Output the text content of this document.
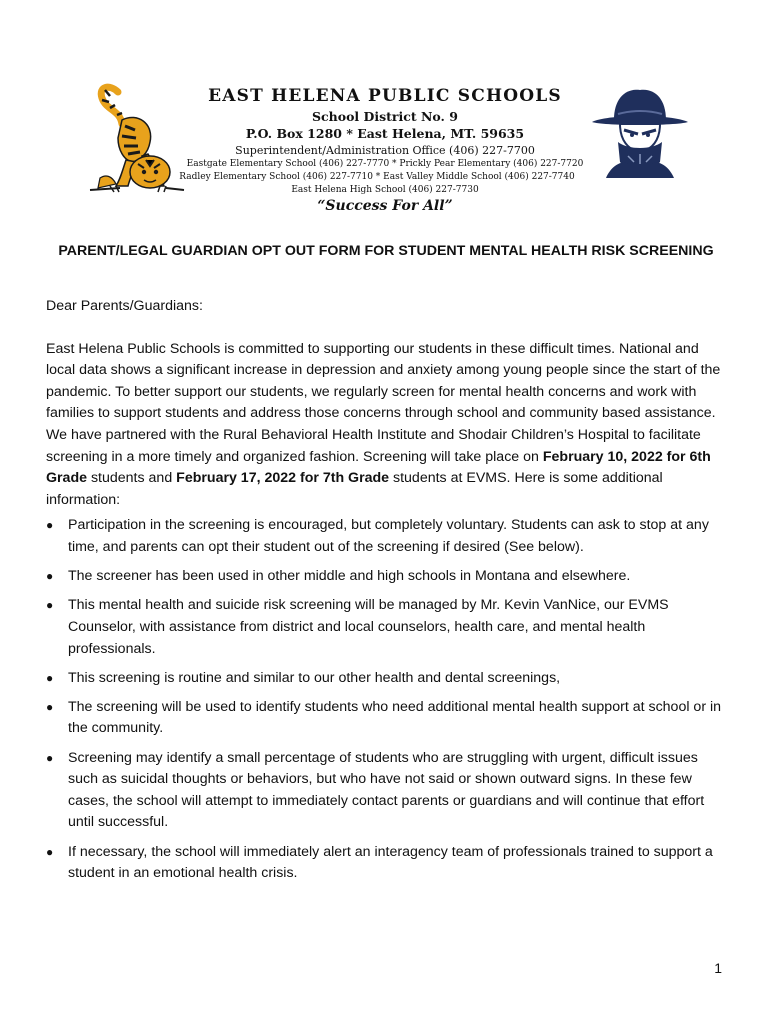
EAST HELENA PUBLIC SCHOOLS
School District No. 9
P.O. Box 1280 * East Helena, MT. 59635
Superintendent/Administration Office (406) 227-7700
Eastgate Elementary School (406) 227-7770 * Prickly Pear Elementary (406) 227-7720
Radley Elementary School (406) 227-7710 * East Valley Middle School (406) 227-7740
East Helena High School (406) 227-7730
“Success For All”
PARENT/LEGAL GUARDIAN OPT OUT FORM FOR STUDENT MENTAL HEALTH RISK SCREENING

Dear Parents/Guardians:

East Helena Public Schools is committed to supporting our students in these difficult times. National and local data shows a significant increase in depression and anxiety among young people since the start of the pandemic. To better support our students, we regularly screen for mental health concerns and work with families to support students and address those concerns through school and community based assistance. We have partnered with the Rural Behavioral Health Institute and Shodair Children’s Hospital to facilitate screening in a more timely and organized fashion. Screening will take place on February 10, 2022 for 6th Grade students and February 17, 2022 for 7th Grade students at EVMS. Here is some additional information:

● Participation in the screening is encouraged, but completely voluntary. Students can ask to stop at any time, and parents can opt their student out of the screening if desired (See below).
● The screener has been used in other middle and high schools in Montana and elsewhere.
● This mental health and suicide risk screening will be managed by Mr. Kevin VanNice, our EVMS Counselor, with assistance from district and local counselors, health care, and mental health professionals.
● This screening is routine and similar to our other health and dental screenings,
● The screening will be used to identify students who need additional mental health support at school or in the community.
● Screening may identify a small percentage of students who are struggling with urgent, difficult issues such as suicidal thoughts or behaviors, but who have not said or shown outward signs. In these few cases, the school will attempt to immediately contact parents or guardians and will continue that effort until successful.
● If necessary, the school will immediately alert an interagency team of professionals trained to support a student in an emotional health crisis.
1
